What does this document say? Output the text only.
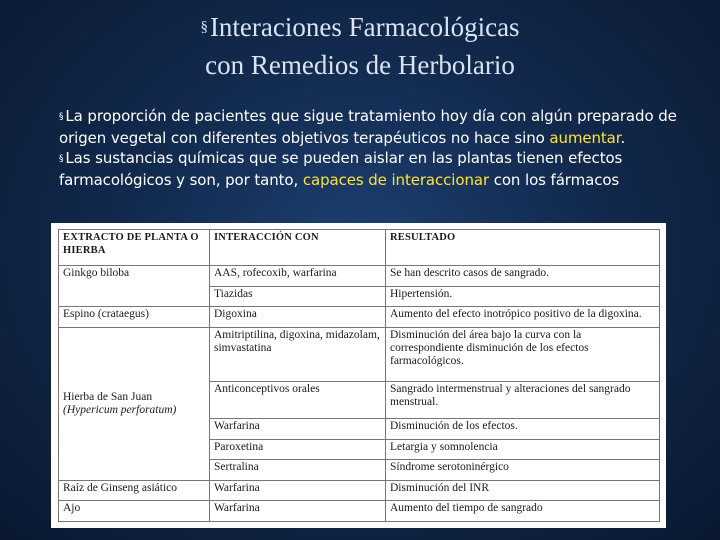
§Interaciones Farmacológicas
con Remedios de Herbolario

§ La proporción de pacientes que sigue tratamiento hoy día con algún preparado de origen vegetal con diferentes objetivos terapéuticos no hace sino aumentar.

§ Las sustancias químicas que se pueden aislar en las plantas tienen efectos farmacológicos y son, por tanto, capaces de interaccionar con los fármacos

EXTRACTO DE PLANTA O HIERBA	INTERACCIÓN CON	RESULTADO
Ginkgo biloba	AAS, rofecoxib, warfarina	Se han descrito casos de sangrado.
	Tiazidas	Hipertensión.
Espino (crataegus)	Digoxina	Aumento del efecto inotrópico positivo de la digoxina.

Hierba de San Juan
(Hypericum perforatum)	Amitriptilina, digoxina, midazolam, simvastatina	Disminución del área bajo la curva con la correspondiente disminución de los efectos farmacológicos.
	Anticonceptivos orales	Sangrado intermenstrual y alteraciones del sangrado menstrual.
	Warfarina	Disminución de los efectos.
	Paroxetina	Letargia y somnolencia
	Sertralina	Síndrome serotoninérgico
Raíz de Ginseng asiático	Warfarina	Disminución del INR
Ajo	Warfarina	Aumento del tiempo de sangrado
